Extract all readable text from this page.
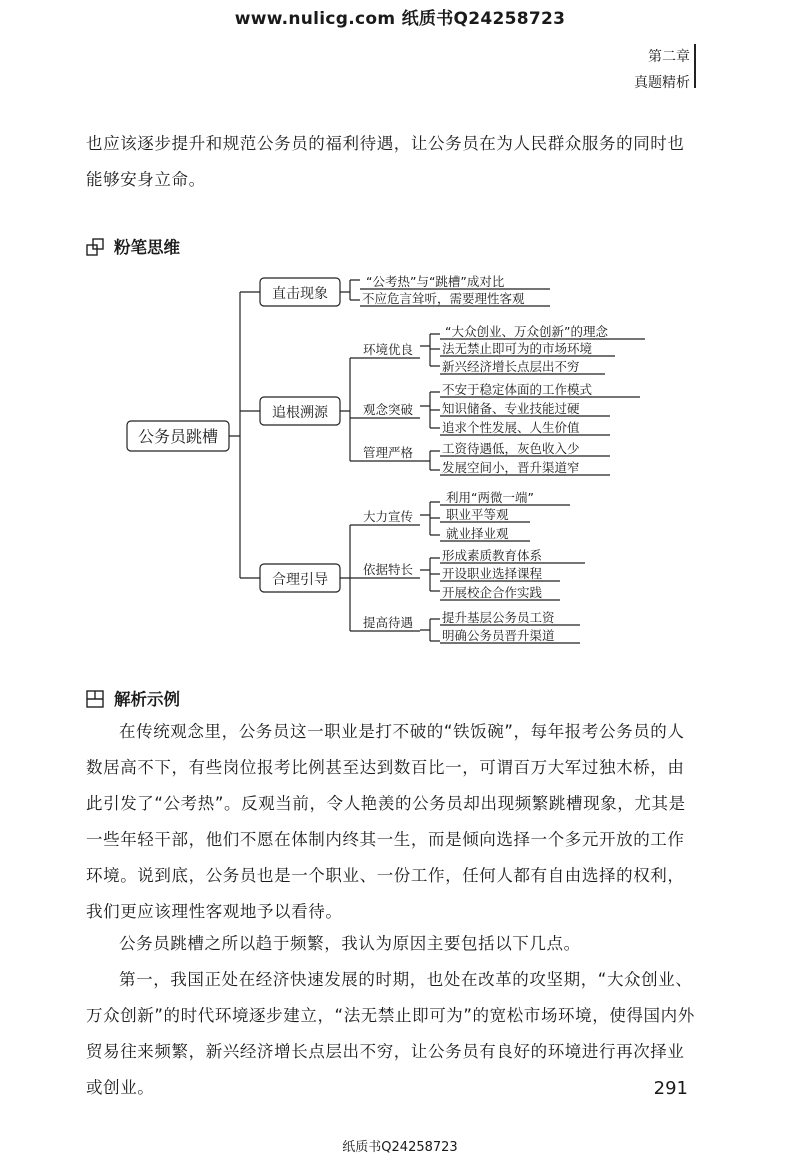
www.nulicg.com 纸质书Q24258723
第二章
真题精析
也应该逐步提升和规范公务员的福利待遇，让公务员在为人民群众服务的同时也能够安身立命。
粉笔思维
公务员跳槽
直击现象
追根溯源
合理引导
“公考热”与“跳槽”成对比
不应危言耸听，需要理性客观
环境优良
观念突破
管理严格
“大众创业、万众创新”的理念
法无禁止即可为的市场环境
新兴经济增长点层出不穷
不安于稳定体面的工作模式
知识储备、专业技能过硬
追求个性发展、人生价值
工资待遇低，灰色收入少
发展空间小，晋升渠道窄
大力宣传
依据特长
提高待遇
利用“两微一端”
职业平等观
就业择业观
形成素质教育体系
开设职业选择课程
开展校企合作实践
提升基层公务员工资
明确公务员晋升渠道
解析示例
在传统观念里，公务员这一职业是打不破的“铁饭碗”，每年报考公务员的人数居高不下，有些岗位报考比例甚至达到数百比一，可谓百万大军过独木桥，由此引发了“公考热”。反观当前，令人艳羡的公务员却出现频繁跳槽现象，尤其是一些年轻干部，他们不愿在体制内终其一生，而是倾向选择一个多元开放的工作环境。说到底，公务员也是一个职业、一份工作，任何人都有自由选择的权利，我们更应该理性客观地予以看待。
公务员跳槽之所以趋于频繁，我认为原因主要包括以下几点。
第一，我国正处在经济快速发展的时期，也处在改革的攻坚期，“大众创业、万众创新”的时代环境逐步建立，“法无禁止即可为”的宽松市场环境，使得国内外贸易往来频繁，新兴经济增长点层出不穷，让公务员有良好的环境进行再次择业或创业。	291
纸质书Q24258723
